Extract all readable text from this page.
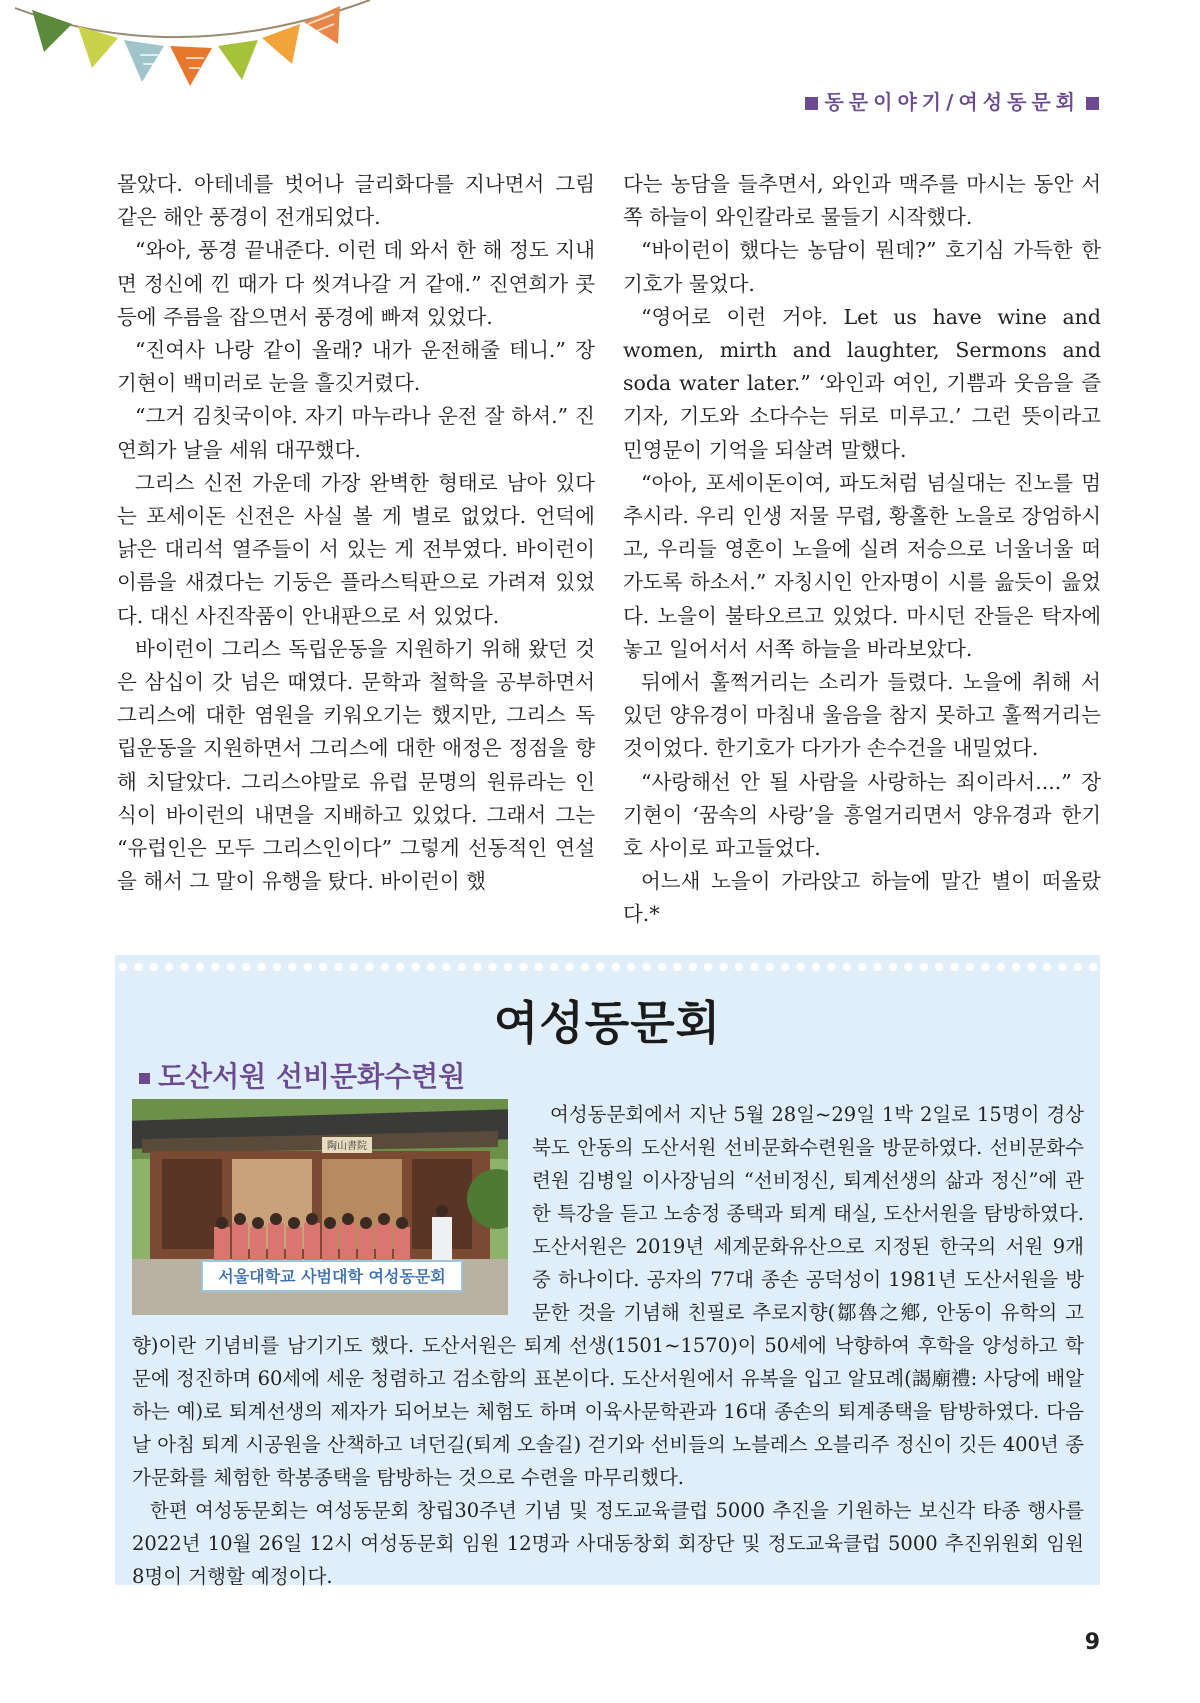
동문이야기/여성동문회

몰았다. 아테네를 벗어나 글리화다를 지나면서 그림 같은 해안 풍경이 전개되었다.

“와아, 풍경 끝내준다. 이런 데 와서 한 해 정도 지내면 정신에 낀 때가 다 씻겨나갈 거 같애.” 진연희가 콧등에 주름을 잡으면서 풍경에 빠져 있었다.

“진여사 나랑 같이 올래? 내가 운전해줄 테니.” 장기현이 백미러로 눈을 흘깃거렸다.

“그거 김칫국이야. 자기 마누라나 운전 잘 하셔.” 진연희가 날을 세워 대꾸했다.

그리스 신전 가운데 가장 완벽한 형태로 남아 있다는 포세이돈 신전은 사실 볼 게 별로 없었다. 언덕에 낡은 대리석 열주들이 서 있는 게 전부였다. 바이런이 이름을 새겼다는 기둥은 플라스틱판으로 가려져 있었다. 대신 사진작품이 안내판으로 서 있었다.

바이런이 그리스 독립운동을 지원하기 위해 왔던 것은 삼십이 갓 넘은 때였다. 문학과 철학을 공부하면서 그리스에 대한 염원을 키워오기는 했지만, 그리스 독립운동을 지원하면서 그리스에 대한 애정은 정점을 향해 치달았다. 그리스야말로 유럽 문명의 원류라는 인식이 바이런의 내면을 지배하고 있었다. 그래서 그는 “유럽인은 모두 그리스인이다” 그렇게 선동적인 연설을 해서 그 말이 유행을 탔다. 바이런이 했

다는 농담을 들추면서, 와인과 맥주를 마시는 동안 서쪽 하늘이 와인칼라로 물들기 시작했다.

“바이런이 했다는 농담이 뭔데?” 호기심 가득한 한기호가 물었다.

“영어로 이런 거야. Let us have wine and women, mirth and laughter, Sermons and soda water later.” ‘와인과 여인, 기쁨과 웃음을 즐기자, 기도와 소다수는 뒤로 미루고.’ 그런 뜻이라고 민영문이 기억을 되살려 말했다.

“아아, 포세이돈이여, 파도처럼 넘실대는 진노를 멈추시라. 우리 인생 저물 무렵, 황홀한 노을로 장엄하시고, 우리들 영혼이 노을에 실려 저승으로 너울너울 떠가도록 하소서.” 자칭시인 안자명이 시를 읊듯이 읊었다. 노을이 불타오르고 있었다. 마시던 잔들은 탁자에 놓고 일어서서 서쪽 하늘을 바라보았다.

뒤에서 훌쩍거리는 소리가 들렸다. 노을에 취해 서 있던 양유경이 마침내 울음을 참지 못하고 훌쩍거리는 것이었다. 한기호가 다가가 손수건을 내밀었다.

“사랑해선 안 될 사람을 사랑하는 죄이라서....” 장기현이 ‘꿈속의 사랑’을 흥얼거리면서 양유경과 한기호 사이로 파고들었다.

어느새 노을이 가라앉고 하늘에 말간 별이 떠올랐다.*

여성동문회
도산서원 선비문화수련원

여성동문회에서 지난 5월 28일~29일 1박 2일로 15명이 경상북도 안동의 도산서원 선비문화수련원을 방문하였다. 선비문화수련원 김병일 이사장님의 “선비정신, 퇴계선생의 삶과 정신”에 관한 특강을 듣고 노송정 종택과 퇴계 태실, 도산서원을 탐방하였다. 도산서원은 2019년 세계문화유산으로 지정된 한국의 서원 9개 중 하나이다. 공자의 77대 종손 공덕성이 1981년 도산서원을 방문한 것을 기념해 친필로 추로지향(鄒魯之鄕, 안동이 유학의 고향)이란 기념비를 남기기도 했다. 도산서원은 퇴계 선생(1501~1570)이 50세에 낙향하여 후학을 양성하고 학문에 정진하며 60세에 세운 청렴하고 검소함의 표본이다. 도산서원에서 유복을 입고 알묘례(謁廟禮: 사당에 배알하는 예)로 퇴계선생의 제자가 되어보는 체험도 하며 이육사문학관과 16대 종손의 퇴계종택을 탐방하였다. 다음날 아침 퇴계 시공원을 산책하고 녀던길(퇴계 오솔길) 걷기와 선비들의 노블레스 오블리주 정신이 깃든 400년 종가문화를 체험한 학봉종택을 탐방하는 것으로 수련을 마무리했다.

한편 여성동문회는 여성동문회 창립30주년 기념 및 정도교육클럽 5000 추진을 기원하는 보신각 타종 행사를 2022년 10월 26일 12시 여성동문회 임원 12명과 사대동창회 회장단 및 정도교육클럽 5000 추진위원회 임원 8명이 거행할 예정이다.

陶山書院
서울대학교 사범대학 여성동문회
9
